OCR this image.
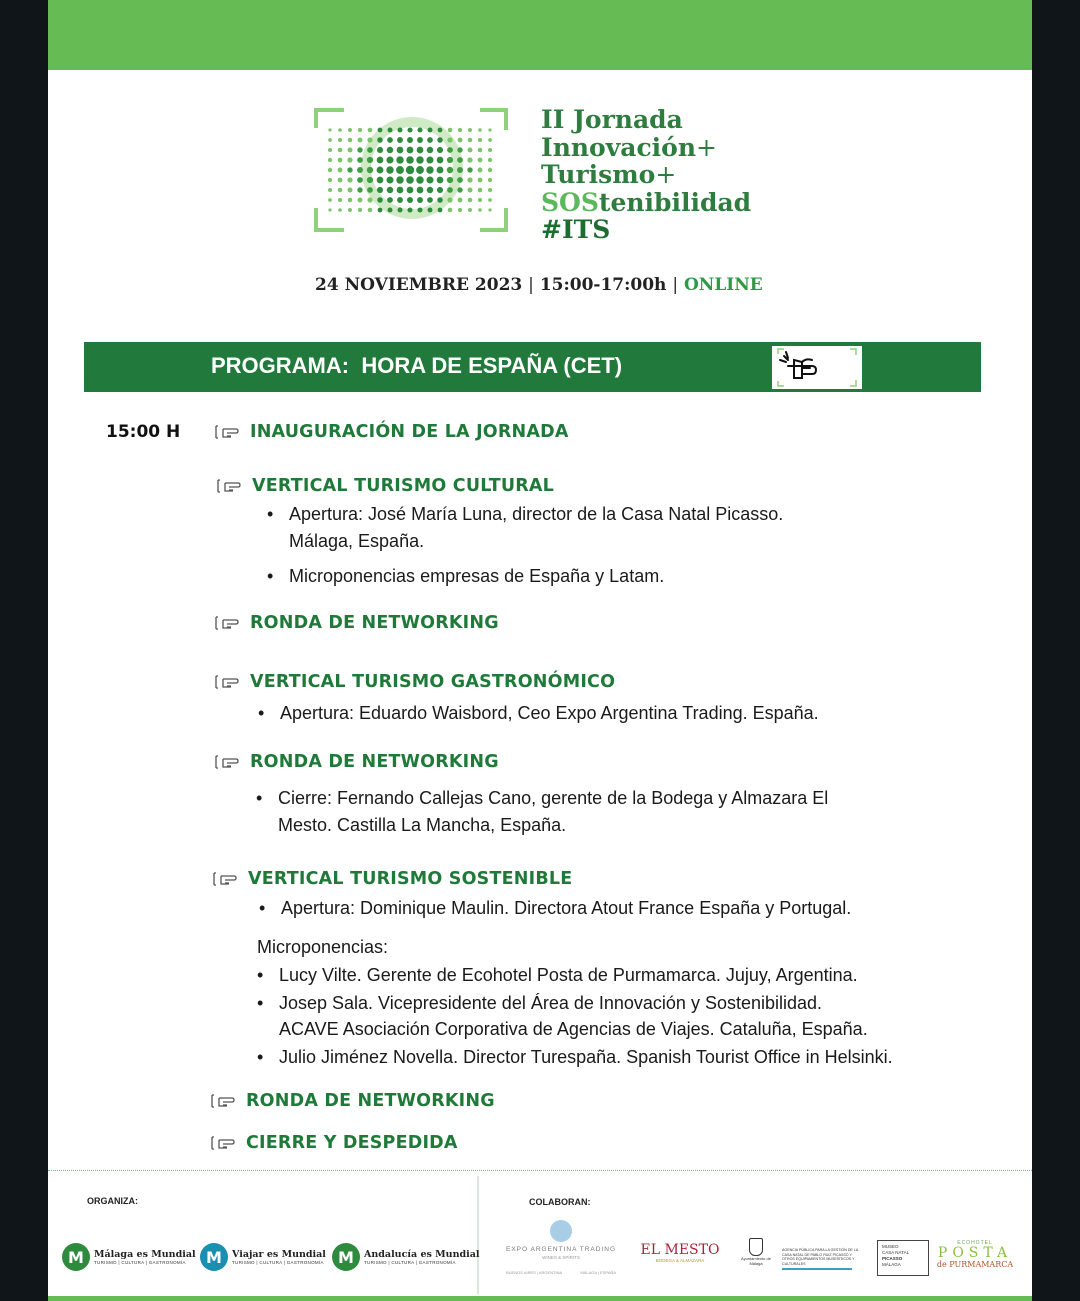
II Jornada
Innovación+
Turismo+
SOStenibilidad
#ITS
24 NOVIEMBRE 2023 | 15:00-17:00h | ONLINE
PROGRAMA:  HORA DE ESPAÑA (CET)
15:00 H	INAUGURACIÓN DE LA JORNADA
VERTICAL TURISMO CULTURAL
• Apertura: José María Luna, director de la Casa Natal Picasso.
Málaga, España.
• Microponencias empresas de España y Latam.
RONDA DE NETWORKING
VERTICAL TURISMO GASTRONÓMICO
• Apertura: Eduardo Waisbord, Ceo Expo Argentina Trading. España.
RONDA DE NETWORKING
• Cierre: Fernando Callejas Cano, gerente de la Bodega y Almazara El
Mesto. Castilla La Mancha, España.
VERTICAL TURISMO SOSTENIBLE
• Apertura: Dominique Maulin. Directora Atout France España y Portugal.
Microponencias:
• Lucy Vilte. Gerente de Ecohotel Posta de Purmamarca. Jujuy, Argentina.
• Josep Sala. Vicepresidente del Área de Innovación y Sostenibilidad.
ACAVE Asociación Corporativa de Agencias de Viajes. Cataluña, España.
• Julio Jiménez Novella. Director Turespaña. Spanish Tourist Office in Helsinki.
RONDA DE NETWORKING
CIERRE Y DESPEDIDA
ORGANIZA:	COLABORAN:
M	Málaga es Mundial
TURISMO | CULTURA | GASTRONOMÍA	M	Viajar es Mundial
TURISMO | CULTURA | GASTRONOMÍA M	Andalucía es Mundial
TURISMO | CULTURA | GASTRONOMÍA
EXPO ARGENTINA TRADING
WINES & SPIRITS
BUENOS AIRES | ARGENTINA	MÁLAGA | ESPAÑA
EL MESTO
BODEGA & ALMAZARA	Ayuntamiento de Málaga
AGENCIA PÚBLICA PARA LA GESTIÓN DE LA CASA NATAL DE PABLO RUIZ PICASSO Y OTROS EQUIPAMIENTOS MUSEÍSTICOS Y CULTURALES
MUSEO
CASA NATAL
PICASSO
MÁLAGA
ECOHOTEL
POSTA
de PURMAMARCA
